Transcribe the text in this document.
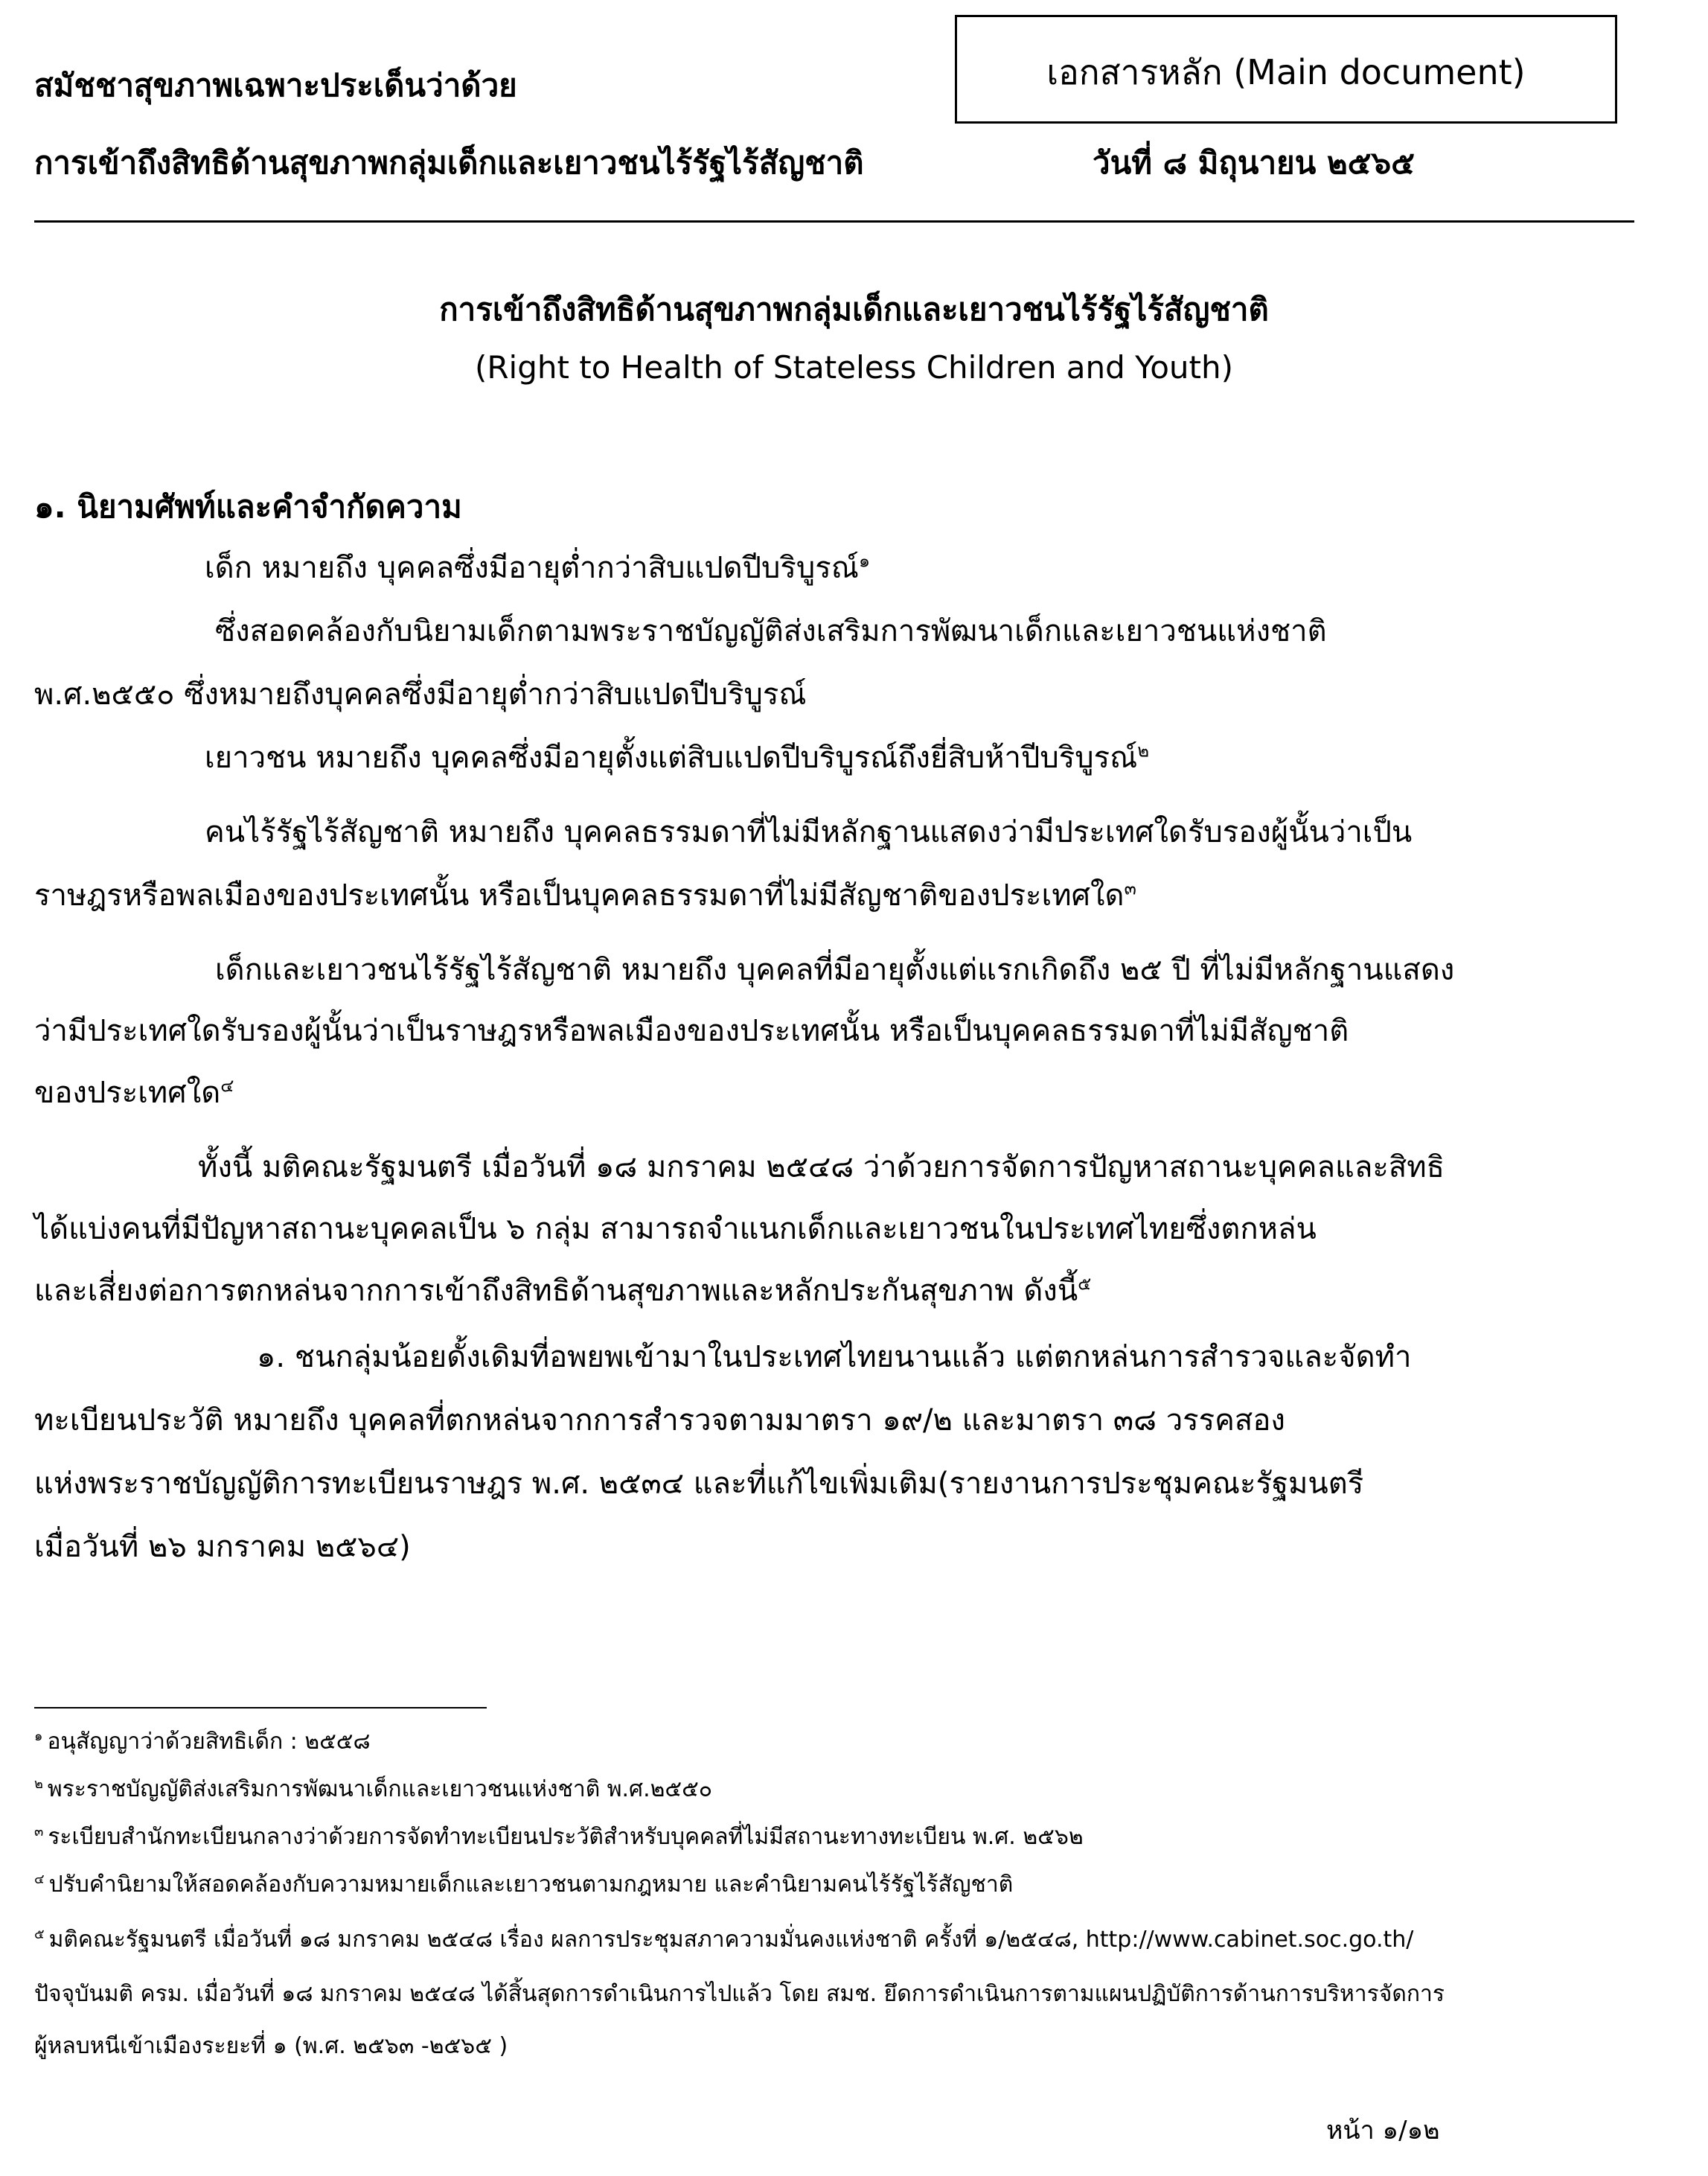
สมัชชาสุขภาพเฉพาะประเด็นว่าด้วย
การเข้าถึงสิทธิด้านสุขภาพกลุ่มเด็กและเยาวชนไร้รัฐไร้สัญชาติ
เอกสารหลัก (Main document)
วันที่ ๘ มิถุนายน ๒๕๖๕
การเข้าถึงสิทธิด้านสุขภาพกลุ่มเด็กและเยาวชนไร้รัฐไร้สัญชาติ
(Right to Health of Stateless Children and Youth)
๑. นิยามศัพท์และคำจำกัดความ
เด็ก หมายถึง บุคคลซึ่งมีอายุต่ำกว่าสิบแปดปีบริบูรณ์$^๑$
ซึ่งสอดคล้องกับนิยามเด็กตามพระราชบัญญัติส่งเสริมการพัฒนาเด็กและเยาวชนแห่งชาติ
พ.ศ.๒๕๕๐ ซึ่งหมายถึงบุคคลซึ่งมีอายุต่ำกว่าสิบแปดปีบริบูรณ์
เยาวชน หมายถึง บุคคลซึ่งมีอายุตั้งแต่สิบแปดปีบริบูรณ์ถึงยี่สิบห้าปีบริบูรณ์$^๒$
คนไร้รัฐไร้สัญชาติ หมายถึง บุคคลธรรมดาที่ไม่มีหลักฐานแสดงว่ามีประเทศใดรับรองผู้นั้นว่าเป็น
ราษฎรหรือพลเมืองของประเทศนั้น หรือเป็นบุคคลธรรมดาที่ไม่มีสัญชาติของประเทศใด$^๓$
เด็กและเยาวชนไร้รัฐไร้สัญชาติ หมายถึง บุคคลที่มีอายุตั้งแต่แรกเกิดถึง ๒๕ ปี ที่ไม่มีหลักฐานแสดง
ว่ามีประเทศใดรับรองผู้นั้นว่าเป็นราษฎรหรือพลเมืองของประเทศนั้น หรือเป็นบุคคลธรรมดาที่ไม่มีสัญชาติ
ของประเทศใด$^๔$
ทั้งนี้ มติคณะรัฐมนตรี เมื่อวันที่ ๑๘ มกราคม ๒๕๔๘ ว่าด้วยการจัดการปัญหาสถานะบุคคลและสิทธิ
ได้แบ่งคนที่มีปัญหาสถานะบุคคลเป็น ๖ กลุ่ม สามารถจำแนกเด็กและเยาวชนในประเทศไทยซึ่งตกหล่น
และเสี่ยงต่อการตกหล่นจากการเข้าถึงสิทธิด้านสุขภาพและหลักประกันสุขภาพ ดังนี้$^๕$
๑. ชนกลุ่มน้อยดั้งเดิมที่อพยพเข้ามาในประเทศไทยนานแล้ว แต่ตกหล่นการสำรวจและจัดทำ
ทะเบียนประวัติ หมายถึง บุคคลที่ตกหล่นจากการสำรวจตามมาตรา ๑๙/๒ และมาตรา ๓๘ วรรคสอง
แห่งพระราชบัญญัติการทะเบียนราษฎร พ.ศ. ๒๕๓๔ และที่แก้ไขเพิ่มเติม(รายงานการประชุมคณะรัฐมนตรี
เมื่อวันที่ ๒๖ มกราคม ๒๕๖๔)
$^๑$ อนุสัญญาว่าด้วยสิทธิเด็ก : ๒๕๕๘
$^๒$ พระราชบัญญัติส่งเสริมการพัฒนาเด็กและเยาวชนแห่งชาติ พ.ศ.๒๕๕๐
$^๓$ ระเบียบสำนักทะเบียนกลางว่าด้วยการจัดทำทะเบียนประวัติสำหรับบุคคลที่ไม่มีสถานะทางทะเบียน พ.ศ. ๒๕๖๒
$^๔$ ปรับคำนิยามให้สอดคล้องกับความหมายเด็กและเยาวชนตามกฎหมาย และคำนิยามคนไร้รัฐไร้สัญชาติ
$^๕$ มติคณะรัฐมนตรี เมื่อวันที่ ๑๘ มกราคม ๒๕๔๘ เรื่อง ผลการประชุมสภาความมั่นคงแห่งชาติ ครั้งที่ ๑/๒๕๔๘, http://www.cabinet.soc.go.th/
ปัจจุบันมติ ครม. เมื่อวันที่ ๑๘ มกราคม ๒๕๔๘ ได้สิ้นสุดการดำเนินการไปแล้ว โดย สมช. ยึดการดำเนินการตามแผนปฏิบัติการด้านการบริหารจัดการ
ผู้หลบหนีเข้าเมืองระยะที่ ๑ (พ.ศ. ๒๕๖๓ -๒๕๖๕ )
หน้า ๑/๑๒
